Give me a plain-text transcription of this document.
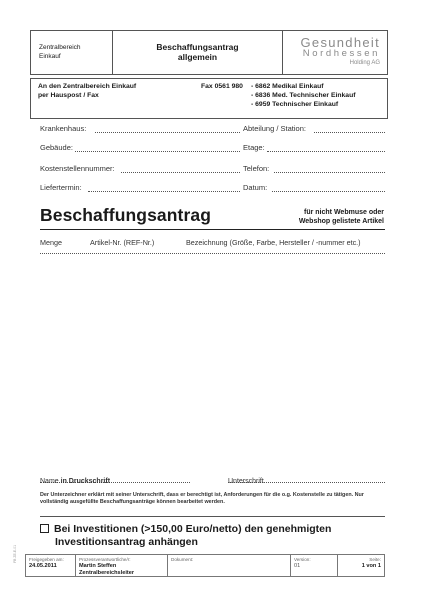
Zentralbereich
Einkauf
Beschaffungsantrag
allgemein
Gesundheit
Nordhessen
Holding AG
An den Zentralbereich Einkauf
per Hauspost / Fax
Fax 0561 980 - 6862 Medikal Einkauf
- 6836 Med. Technischer Einkauf
- 6959 Technischer Einkauf
Krankenhaus:	Abteilung / Station:
Gebäude:	Etage:
Kostenstellennummer:	Telefon:
Liefertermin:	Datum:
Beschaffungsantrag	für nicht Webmuse oder
Webshop gelistete Artikel
Menge	Artikel-Nr. (REF-Nr.)	Bezeichnung (Größe, Farbe, Hersteller / -nummer etc.)
Name in Druckschrift	Unterschrift
Der Unterzeichner erklärt mit seiner Unterschrift, dass er berechtigt ist, Anforderungen für die o.g. Kostenstelle zu tätigen. Nur vollständig ausgefüllte Beschaffungsanträge können bearbeitet werden.
Bei Investitionen (>150,00 Euro/netto) den genehmigten
Investitionsantrag anhängen
Freigegeben am:
24.05.2011
Prozessverantwortliche/r:
Martin Steffen
Zentralbereichsleiter
Dokument:	Version:
01
Seite:
1 von 1
FB ZE-E-01
